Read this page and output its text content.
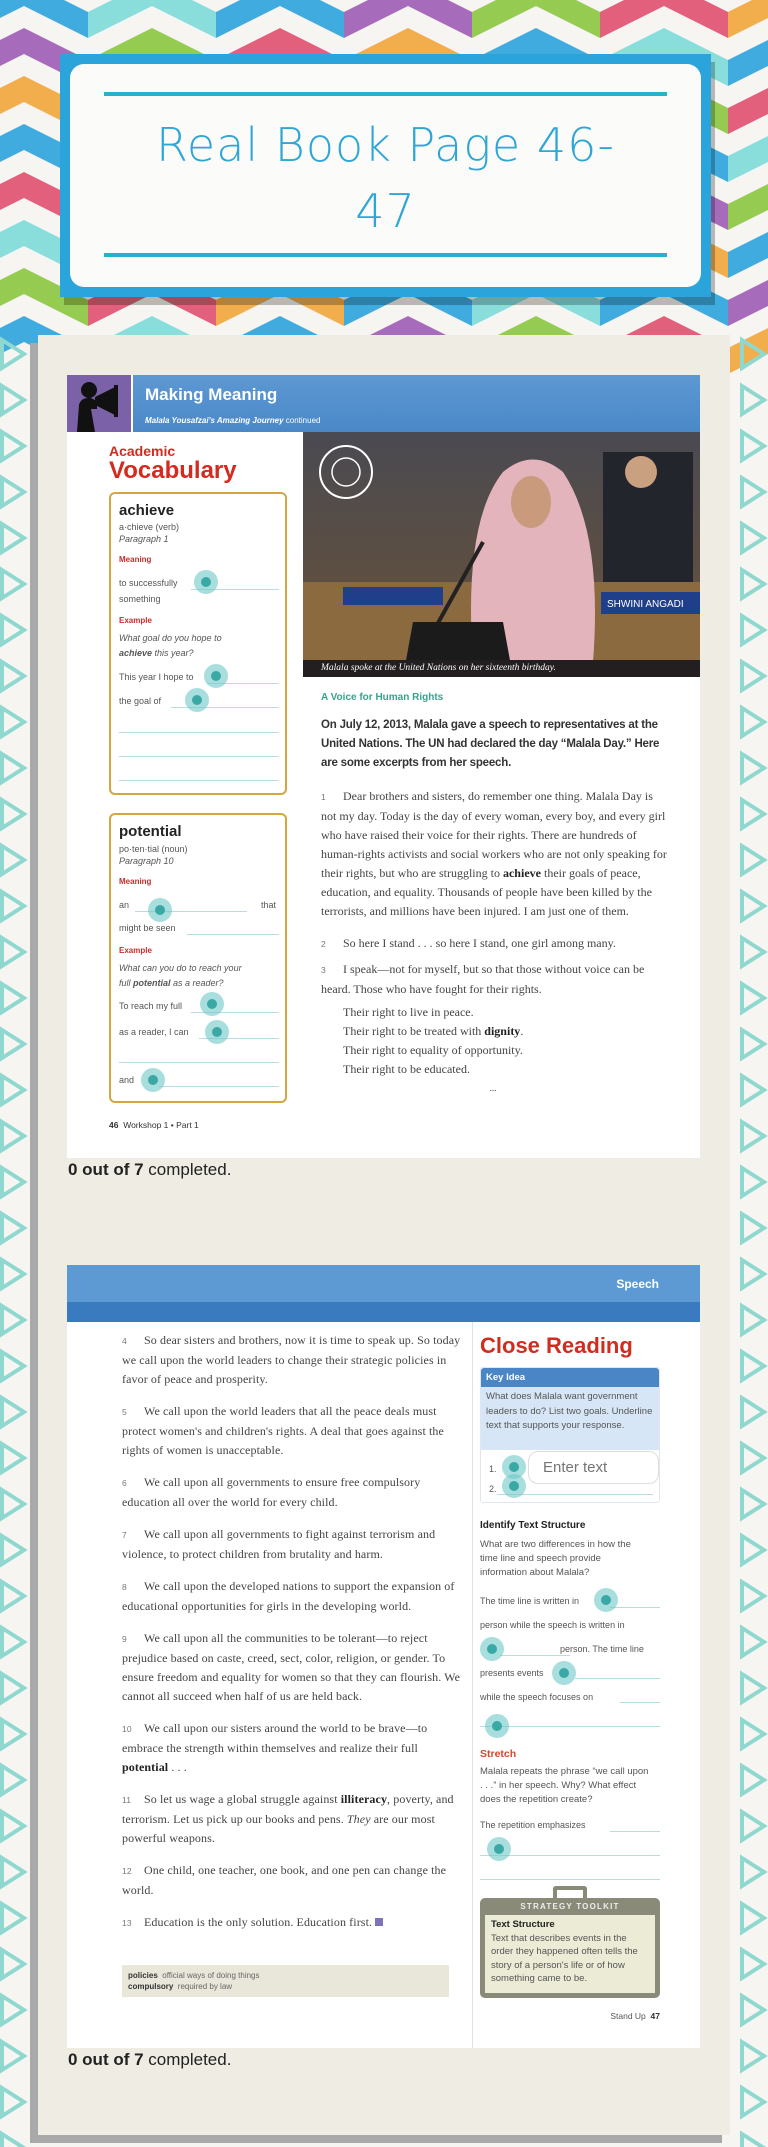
Real Book Page 46-47
Making Meaning
Malala Yousafzai's Amazing Journey continued
Academic
Vocabulary
achieve
a·chieve (verb)
Paragraph 1
Meaning
to successfully
something
Example
What goal do you hope to
achieve this year?
This year I hope to
the goal of
potential
po·ten·tial (noun)
Paragraph 10
Meaning
an	that
might be seen
Example
What can you do to reach your
full potential as a reader?
To reach my full
as a reader, I can
and
SHWINI ANGADI
Malala spoke at the United Nations on her sixteenth birthday.
A Voice for Human Rights
On July 12, 2013, Malala gave a speech to representatives at the United Nations. The UN had declared the day “Malala Day.” Here are some excerpts from her speech.

1 Dear brothers and sisters, do remember one thing. Malala Day is not my day. Today is the day of every woman, every boy, and every girl who have raised their voice for their rights. There are hundreds of human-rights activists and social workers who are not only speaking for their rights, but who are struggling to achieve their goals of peace, education, and equality. Thousands of people have been killed by the terrorists, and millions have been injured. I am just one of them.

2 So here I stand . . . so here I stand, one girl among many.

3 I speak—not for myself, but so that those without voice can be heard. Those who have fought for their rights.

Their right to live in peace.
Their right to be treated with dignity.
Their right to equality of opportunity.
Their right to be educated.
...
46 Workshop 1 • Part 1
0 out of 7 completed.
Speech

4 So dear sisters and brothers, now it is time to speak up. So today we call upon the world leaders to change their strategic policies in favor of peace and prosperity.

5 We call upon the world leaders that all the peace deals must protect women's and children's rights. A deal that goes against the rights of women is unacceptable.

6 We call upon all governments to ensure free compulsory education all over the world for every child.

7 We call upon all governments to fight against terrorism and violence, to protect children from brutality and harm.

8 We call upon the developed nations to support the expansion of educational opportunities for girls in the developing world.

9 We call upon all the communities to be tolerant—to reject prejudice based on caste, creed, sect, color, religion, or gender. To ensure freedom and equality for women so that they can flourish. We cannot all succeed when half of us are held back.

10 We call upon our sisters around the world to be brave—to embrace the strength within themselves and realize their full potential . . .

11 So let us wage a global struggle against illiteracy, poverty, and terrorism. Let us pick up our books and pens. They are our most powerful weapons.

12 One child, one teacher, one book, and one pen can change the world.

13 Education is the only solution. Education first.

policies official ways of doing things
compulsory required by law
Close Reading
Key Idea
What does Malala want government leaders to do? List two goals. Underline text that supports your response.
1.
2.
Enter text
Identify Text Structure
What are two differences in how the time line and speech provide information about Malala?
The time line is written in
person while the speech is written in
person. The time line
presents events
while the speech focuses on
Stretch
Malala repeats the phrase “we call upon . . .” in her speech. Why? What effect does the repetition create?
The repetition emphasizes
STRATEGY TOOLKIT
Text Structure
Text that describes events in the order they happened often tells the story of a person's life or of how something came to be.
Stand Up 47
0 out of 7 completed.
